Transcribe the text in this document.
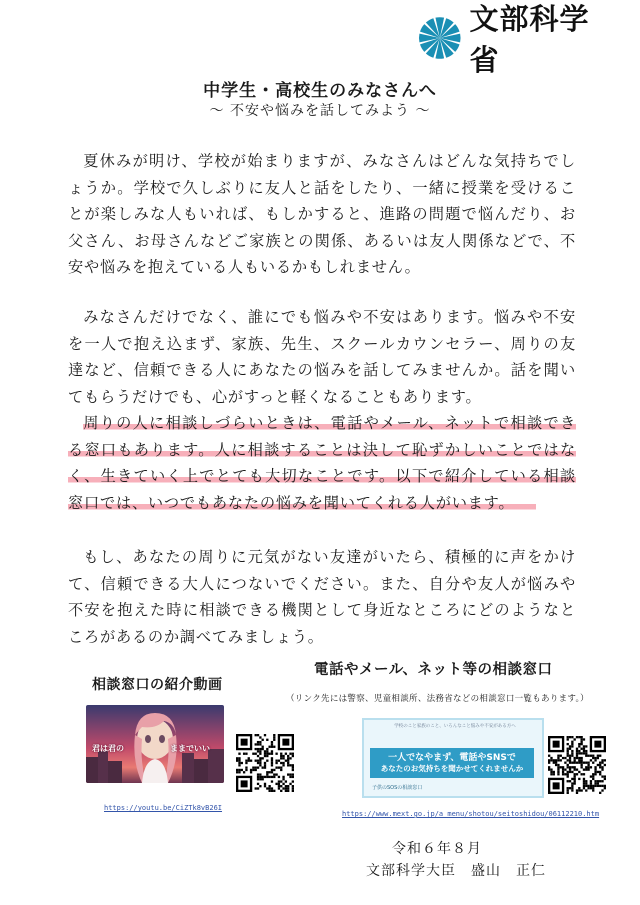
文部科学省
中学生・高校生のみなさんへ
～ 不安や悩みを話してみよう ～

夏休みが明け、学校が始まりますが、みなさんはどんな気持ちでしょうか。学校で久しぶりに友人と話をしたり、一緒に授業を受けることが楽しみな人もいれば、もしかすると、進路の問題で悩んだり、お父さん、お母さんなどご家族との関係、あるいは友人関係などで、不安や悩みを抱えている人もいるかもしれません。

みなさんだけでなく、誰にでも悩みや不安はあります。悩みや不安を一人で抱え込まず、家族、先生、スクールカウンセラー、周りの友達など、信頼できる人にあなたの悩みを話してみませんか。話を聞いてもらうだけでも、心がすっと軽くなることもあります。

周りの人に相談しづらいときは、電話やメール、ネットで相談できる窓口もあります。人に相談することは決して恥ずかしいことではなく、生きていく上でとても大切なことです。以下で紹介している相談窓口では、いつでもあなたの悩みを聞いてくれる人がいます。

もし、あなたの周りに元気がない友達がいたら、積極的に声をかけて、信頼できる大人につないでください。また、自分や友人が悩みや不安を抱えた時に相談できる機関として身近なところにどのようなところがあるのか調べてみましょう。

相談窓口の紹介動画
電話やメール、ネット等の相談窓口
（リンク先には警察、児童相談所、法務省などの相談窓口一覧もあります。）
君は君の	ままでいい
学校のこと家族のこと、いろんなこと悩みや不安がある方へ
一人でなやまず、電話やSNSで
あなたのお気持ちを聞かせてくれませんか
子供のSOSの相談窓口
https://youtu.be/CiZTk8vB26I
https://www.mext.go.jp/a_menu/shotou/seitoshidou/06112210.htm
令和６年８月
文部科学大臣　盛山　正仁
